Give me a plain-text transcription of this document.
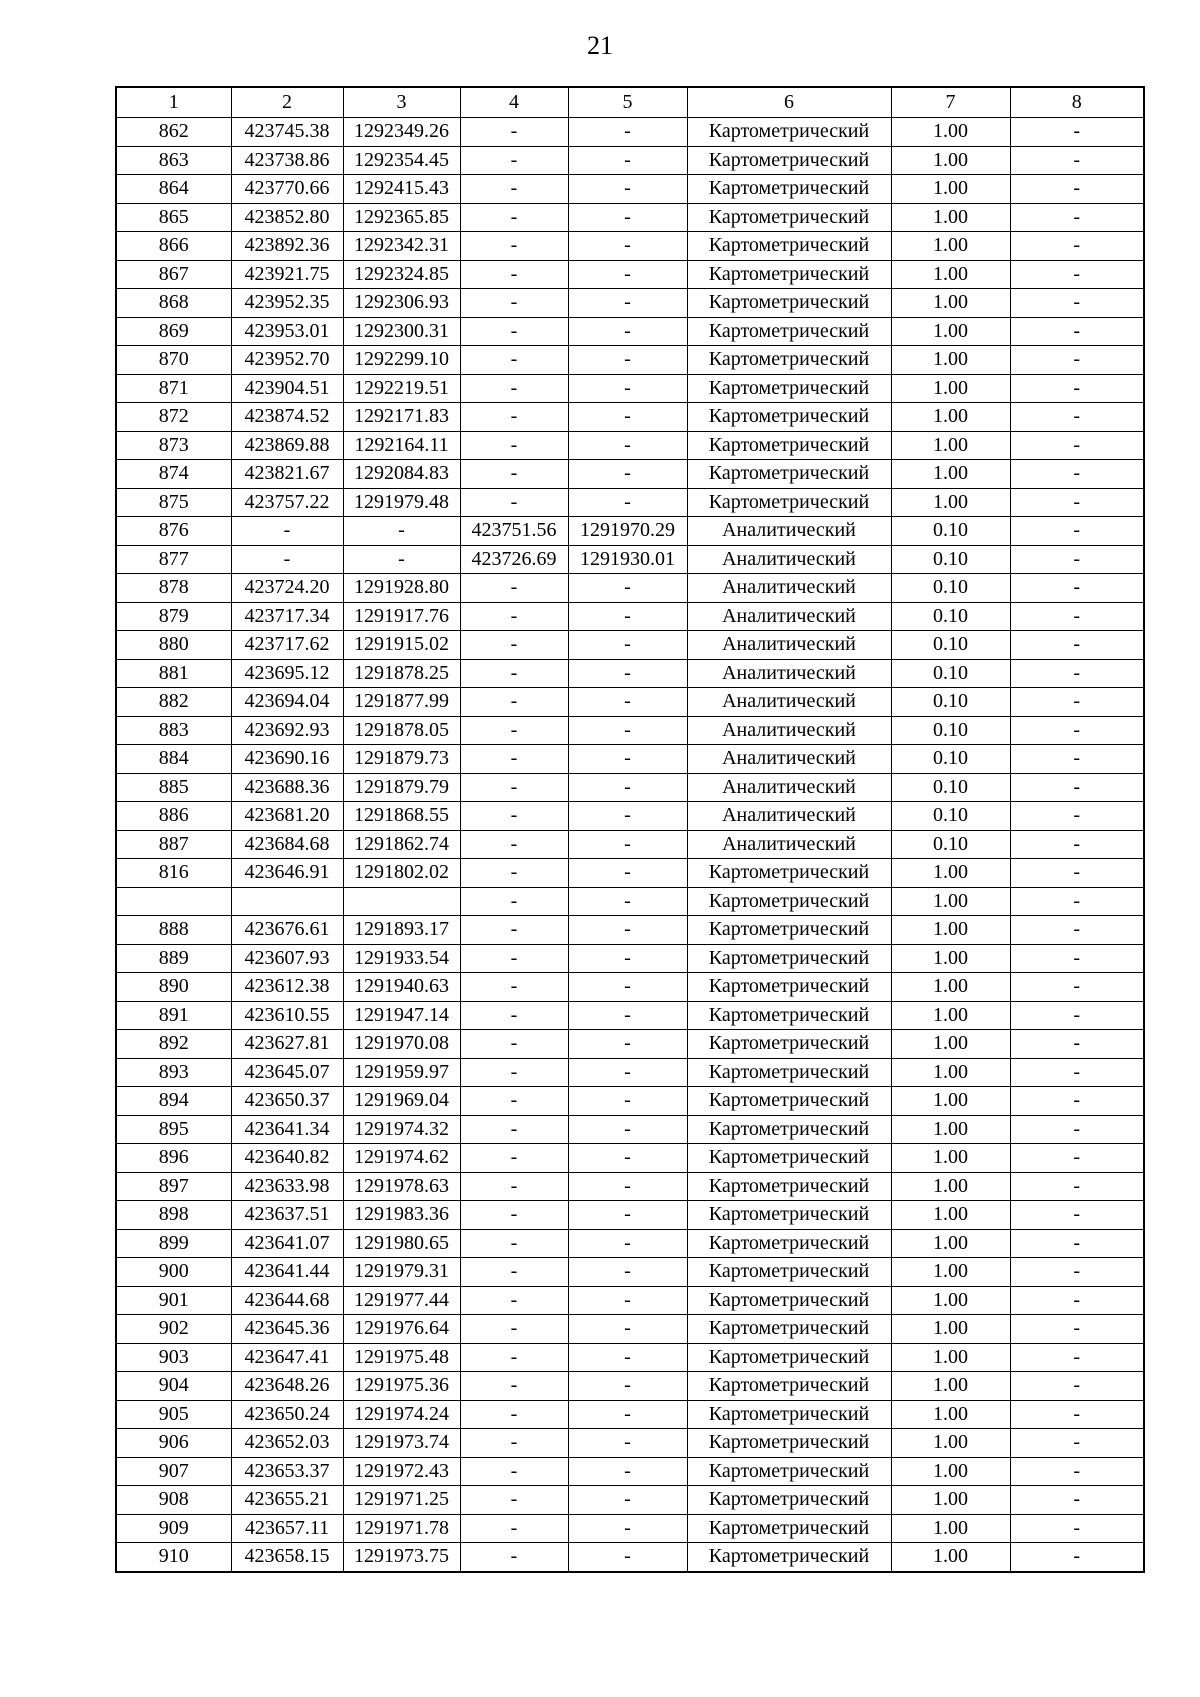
21
1	2	3	4	5	6	7	8
862	423745.38	1292349.26	-	-	Картометрический	1.00	-
863	423738.86	1292354.45	-	-	Картометрический	1.00	-
864	423770.66	1292415.43	-	-	Картометрический	1.00	-
865	423852.80	1292365.85	-	-	Картометрический	1.00	-
866	423892.36	1292342.31	-	-	Картометрический	1.00	-
867	423921.75	1292324.85	-	-	Картометрический	1.00	-
868	423952.35	1292306.93	-	-	Картометрический	1.00	-
869	423953.01	1292300.31	-	-	Картометрический	1.00	-
870	423952.70	1292299.10	-	-	Картометрический	1.00	-
871	423904.51	1292219.51	-	-	Картометрический	1.00	-
872	423874.52	1292171.83	-	-	Картометрический	1.00	-
873	423869.88	1292164.11	-	-	Картометрический	1.00	-
874	423821.67	1292084.83	-	-	Картометрический	1.00	-
875	423757.22	1291979.48	-	-	Картометрический	1.00	-
876	-	-	423751.56	1291970.29	Аналитический	0.10	-
877	-	-	423726.69	1291930.01	Аналитический	0.10	-
878	423724.20	1291928.80	-	-	Аналитический	0.10	-
879	423717.34	1291917.76	-	-	Аналитический	0.10	-
880	423717.62	1291915.02	-	-	Аналитический	0.10	-
881	423695.12	1291878.25	-	-	Аналитический	0.10	-
882	423694.04	1291877.99	-	-	Аналитический	0.10	-
883	423692.93	1291878.05	-	-	Аналитический	0.10	-
884	423690.16	1291879.73	-	-	Аналитический	0.10	-
885	423688.36	1291879.79	-	-	Аналитический	0.10	-
886	423681.20	1291868.55	-	-	Аналитический	0.10	-
887	423684.68	1291862.74	-	-	Аналитический	0.10	-
816	423646.91	1291802.02	-	-	Картометрический	1.00	-
			-	-	Картометрический	1.00	-
888	423676.61	1291893.17	-	-	Картометрический	1.00	-
889	423607.93	1291933.54	-	-	Картометрический	1.00	-
890	423612.38	1291940.63	-	-	Картометрический	1.00	-
891	423610.55	1291947.14	-	-	Картометрический	1.00	-
892	423627.81	1291970.08	-	-	Картометрический	1.00	-
893	423645.07	1291959.97	-	-	Картометрический	1.00	-
894	423650.37	1291969.04	-	-	Картометрический	1.00	-
895	423641.34	1291974.32	-	-	Картометрический	1.00	-
896	423640.82	1291974.62	-	-	Картометрический	1.00	-
897	423633.98	1291978.63	-	-	Картометрический	1.00	-
898	423637.51	1291983.36	-	-	Картометрический	1.00	-
899	423641.07	1291980.65	-	-	Картометрический	1.00	-
900	423641.44	1291979.31	-	-	Картометрический	1.00	-
901	423644.68	1291977.44	-	-	Картометрический	1.00	-
902	423645.36	1291976.64	-	-	Картометрический	1.00	-
903	423647.41	1291975.48	-	-	Картометрический	1.00	-
904	423648.26	1291975.36	-	-	Картометрический	1.00	-
905	423650.24	1291974.24	-	-	Картометрический	1.00	-
906	423652.03	1291973.74	-	-	Картометрический	1.00	-
907	423653.37	1291972.43	-	-	Картометрический	1.00	-
908	423655.21	1291971.25	-	-	Картометрический	1.00	-
909	423657.11	1291971.78	-	-	Картометрический	1.00	-
910	423658.15	1291973.75	-	-	Картометрический	1.00	-
